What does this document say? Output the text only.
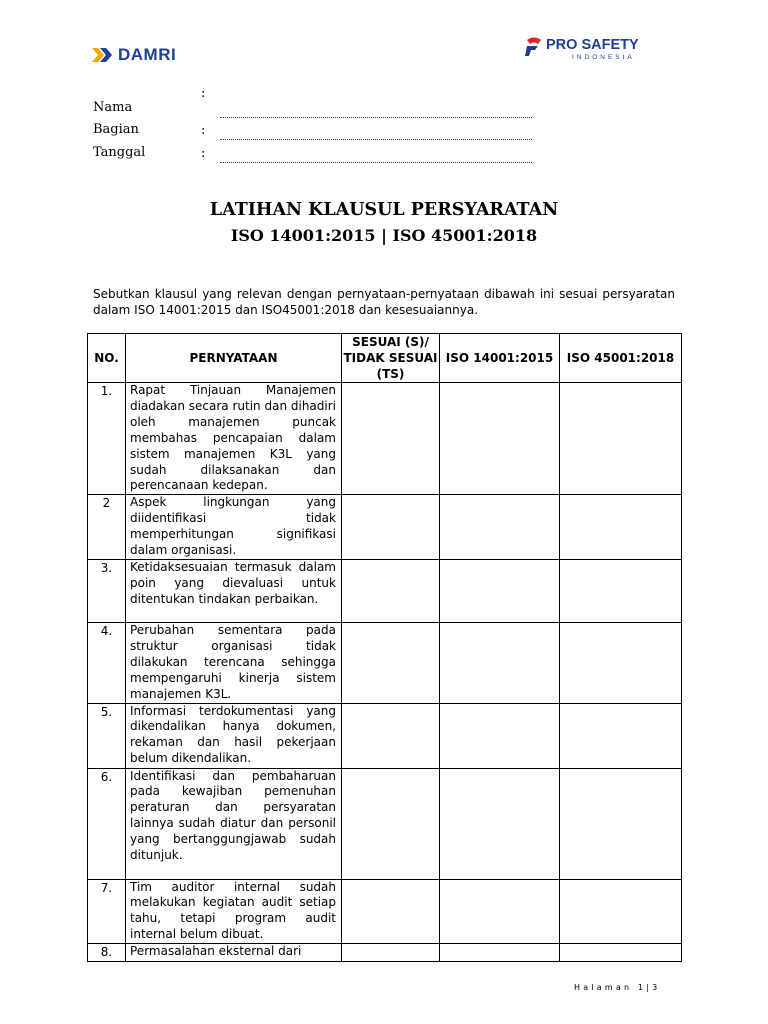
DAMRI	PRO SAFETY
INDONESIA
:
Nama
Bagian	:
Tanggal	:
LATIHAN KLAUSUL PERSYARATAN
ISO 14001:2015 | ISO 45001:2018
Sebutkan klausul yang relevan dengan pernyataan-pernyataan dibawah ini sesuai persyaratan dalam ISO 14001:2015 dan ISO45001:2018 dan kesesuaiannya.
NO.	PERNYATAAN	SESUAI (S)/ TIDAK SESUAI (TS)	ISO 14001:2015	ISO 45001:2018
1.	Rapat Tinjauan Manajemen diadakan secara rutin dan dihadiri oleh manajemen puncak membahas pencapaian dalam sistem manajemen K3L yang sudah dilaksanakan dan perencanaan kedepan.			
2	Aspek lingkungan yang diidentifikasi tidak memperhitungan signifikasi dalam organisasi.			
3.	Ketidaksesuaian termasuk dalam poin yang dievaluasi untuk ditentukan tindakan perbaikan.			
4.	Perubahan sementara pada struktur organisasi tidak dilakukan terencana sehingga mempengaruhi kinerja sistem manajemen K3L.			
5.	Informasi terdokumentasi yang dikendalikan hanya dokumen, rekaman dan hasil pekerjaan belum dikendalikan.			
6.	Identifikasi dan pembaharuan pada kewajiban pemenuhan peraturan dan persyaratan lainnya sudah diatur dan personil yang bertanggungjawab sudah ditunjuk.			
7.	Tim auditor internal sudah melakukan kegiatan audit setiap tahu, tetapi program audit internal belum dibuat.			
8.	Permasalahan eksternal dari			
Halaman 1|3
